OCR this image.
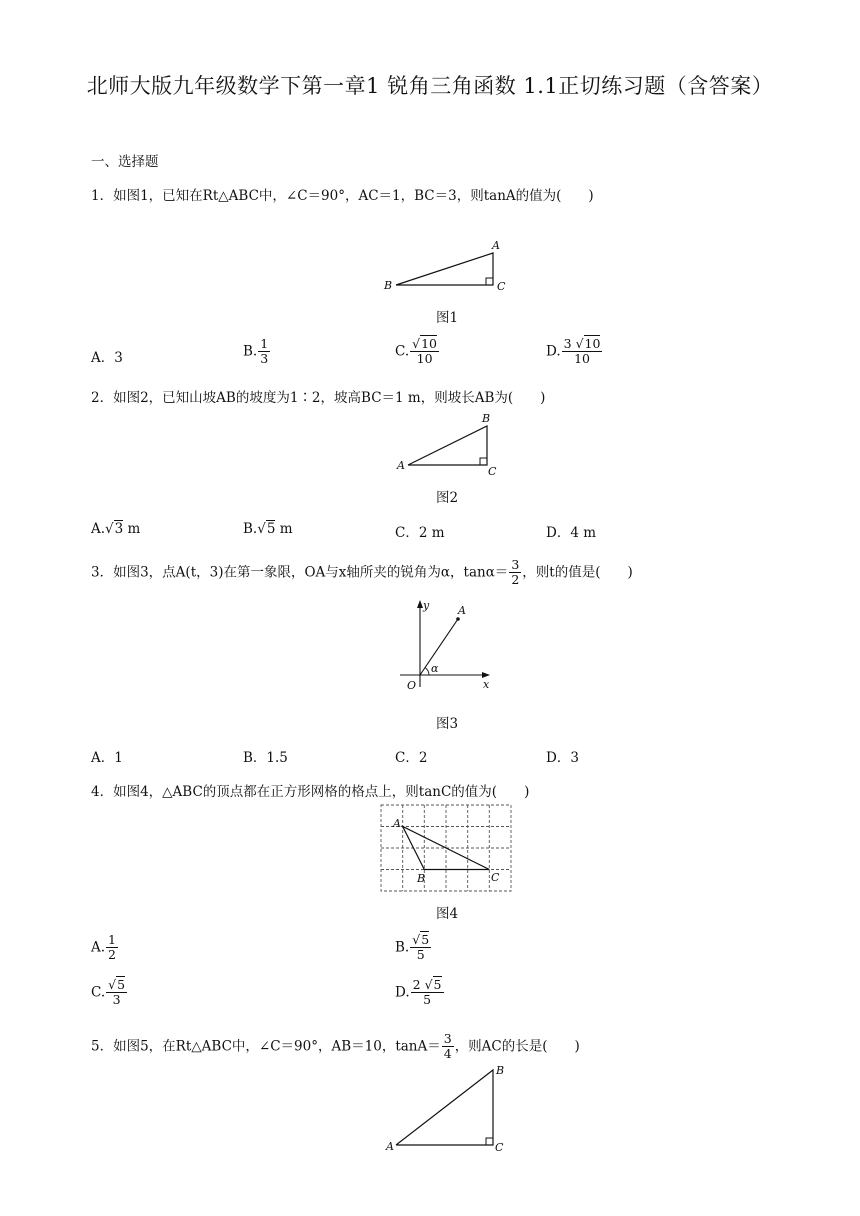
北师大版九年级数学下第一章1 锐角三角函数 1.1正切练习题（含答案）
一、选择题
1．如图1，已知在Rt△ABC中，∠C＝90°，AC＝1，BC＝3，则tanA的值为(　　)
A
B	C
图1
A．3	B. $\frac{1}{3}$	C. $\frac{√10}{10}$	D. $\frac{3 √10}{10}$
2．如图2，已知山坡AB的坡度为1∶2，坡高BC＝1 m，则坡长AB为(　　)
B
A	C
图2
A.√3 m	B.√5 m	C．2 m	D．4 m
3．如图3，点A(t，3)在第一象限，OA与x轴所夹的锐角为α，$\tan\alpha= \frac{3}{2}$ ，则t的值是(　　)
y
x
O
A
α
图3
A．1	B．1.5	C．2	D．3
4．如图4，△ABC的顶点都在正方形网格的格点上，则tanC的值为(　　)
A
B	C
图4
A. $\frac{1}{2}$	B. $\frac{√5}{5}$
C. $\frac{√5}{3}$	D. $\frac{2 √5}{5}$
5．如图5，在Rt△ABC中，∠C＝90°，AB＝10，$\tan A= \frac{3}{4}$ ，则AC的长是(　　)
B
A	C
